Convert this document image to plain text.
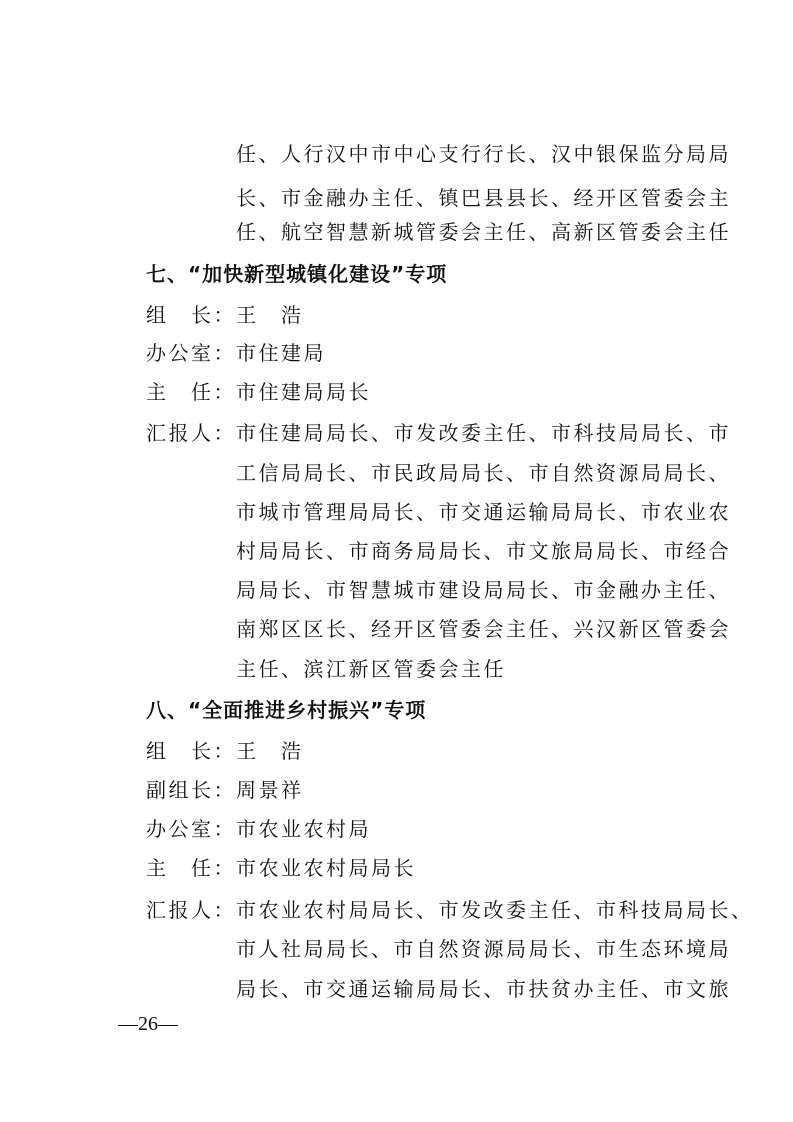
任、人行汉中市中心支行行长、汉中银保监分局局
长、市金融办主任、镇巴县县长、经开区管委会主
任、航空智慧新城管委会主任、高新区管委会主任
七、“加快新型城镇化建设”专项
组　长：王　浩
办公室：市住建局
主　任：市住建局局长
汇报人：市住建局局长、市发改委主任、市科技局局长、市
工信局局长、市民政局局长、市自然资源局局长、
市城市管理局局长、市交通运输局局长、市农业农
村局局长、市商务局局长、市文旅局局长、市经合
局局长、市智慧城市建设局局长、市金融办主任、
南郑区区长、经开区管委会主任、兴汉新区管委会
主任、滨江新区管委会主任
八、“全面推进乡村振兴”专项
组　长：王　浩
副组长：周景祥
办公室：市农业农村局
主　任：市农业农村局局长
汇报人：市农业农村局局长、市发改委主任、市科技局局长、
市人社局局长、市自然资源局局长、市生态环境局
局长、市交通运输局局长、市扶贫办主任、市文旅
—26—
